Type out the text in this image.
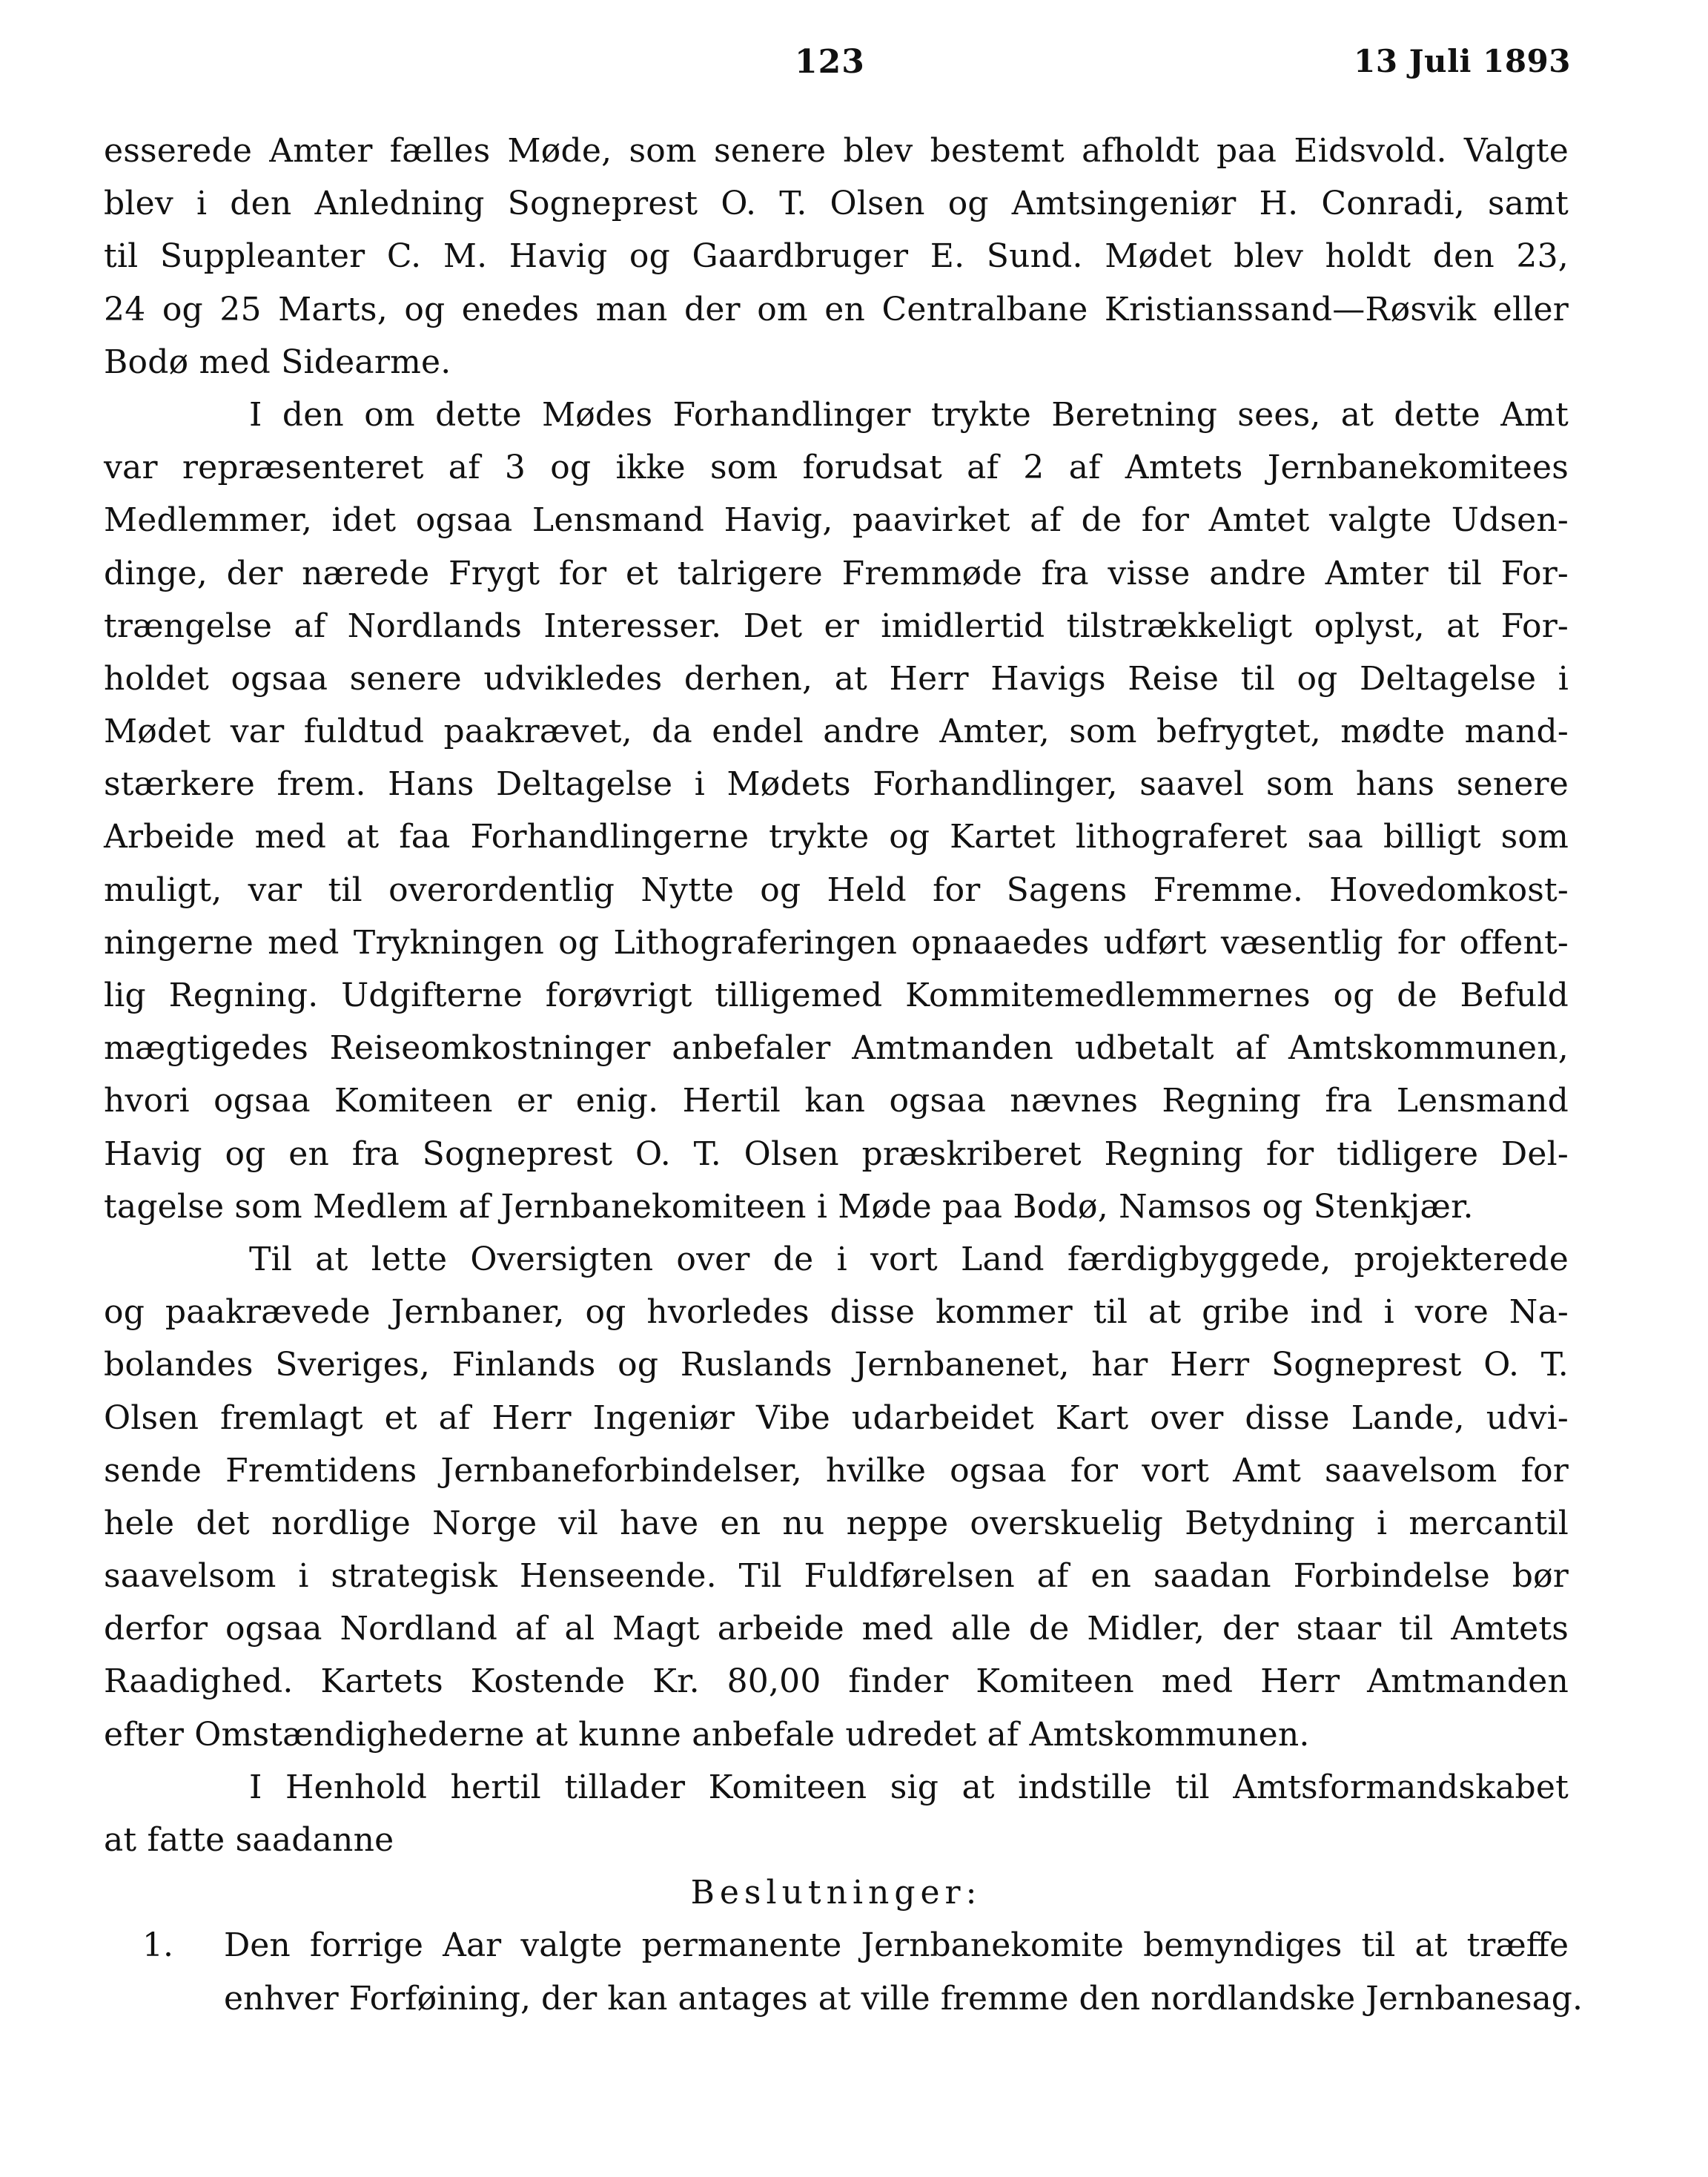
123	13 Juli 1893
esserede Amter fælles Møde, som senere blev bestemt afholdt paa Eidsvold. Valgte
blev i den Anledning Sogneprest O. T. Olsen og Amtsingeniør H. Conradi, samt
til Suppleanter C. M. Havig og Gaardbruger E. Sund. Mødet blev holdt den 23,
24 og 25 Marts, og enedes man der om en Centralbane Kristianssand—Røsvik eller
Bodø med Sidearme.
I den om dette Mødes Forhandlinger trykte Beretning sees, at dette Amt
var repræsenteret af 3 og ikke som forudsat af 2 af Amtets Jernbanekomitees
Medlemmer, idet ogsaa Lensmand Havig, paavirket af de for Amtet valgte Udsen-
dinge, der nærede Frygt for et talrigere Fremmøde fra visse andre Amter til For-
trængelse af Nordlands Interesser. Det er imidlertid tilstrækkeligt oplyst, at For-
holdet ogsaa senere udvikledes derhen, at Herr Havigs Reise til og Deltagelse i
Mødet var fuldtud paakrævet, da endel andre Amter, som befrygtet, mødte mand-
stærkere frem. Hans Deltagelse i Mødets Forhandlinger, saavel som hans senere
Arbeide med at faa Forhandlingerne trykte og Kartet lithograferet saa billigt som
muligt, var til overordentlig Nytte og Held for Sagens Fremme. Hovedomkost-
ningerne med Trykningen og Lithograferingen opnaaedes udført væsentlig for offent-
lig Regning. Udgifterne forøvrigt tilligemed Kommitemedlemmernes og de Befuld
mægtigedes Reiseomkostninger anbefaler Amtmanden udbetalt af Amtskommunen,
hvori ogsaa Komiteen er enig. Hertil kan ogsaa nævnes Regning fra Lensmand
Havig og en fra Sogneprest O. T. Olsen præskriberet Regning for tidligere Del-
tagelse som Medlem af Jernbanekomiteen i Møde paa Bodø, Namsos og Stenkjær.
Til at lette Oversigten over de i vort Land færdigbyggede, projekterede
og paakrævede Jernbaner, og hvorledes disse kommer til at gribe ind i vore Na-
bolandes Sveriges, Finlands og Ruslands Jernbanenet, har Herr Sogneprest O. T.
Olsen fremlagt et af Herr Ingeniør Vibe udarbeidet Kart over disse Lande, udvi-
sende Fremtidens Jernbaneforbindelser, hvilke ogsaa for vort Amt saavelsom for
hele det nordlige Norge vil have en nu neppe overskuelig Betydning i mercantil
saavelsom i strategisk Henseende. Til Fuldførelsen af en saadan Forbindelse bør
derfor ogsaa Nordland af al Magt arbeide med alle de Midler, der staar til Amtets
Raadighed. Kartets Kostende Kr. 80,00 finder Komiteen med Herr Amtmanden
efter Omstændighederne at kunne anbefale udredet af Amtskommunen.
I Henhold hertil tillader Komiteen sig at indstille til Amtsformandskabet
at fatte saadanne
Beslutninger:
1. Den forrige Aar valgte permanente Jernbanekomite bemyndiges til at træffe
enhver Forføining, der kan antages at ville fremme den nordlandske Jernbanesag.
